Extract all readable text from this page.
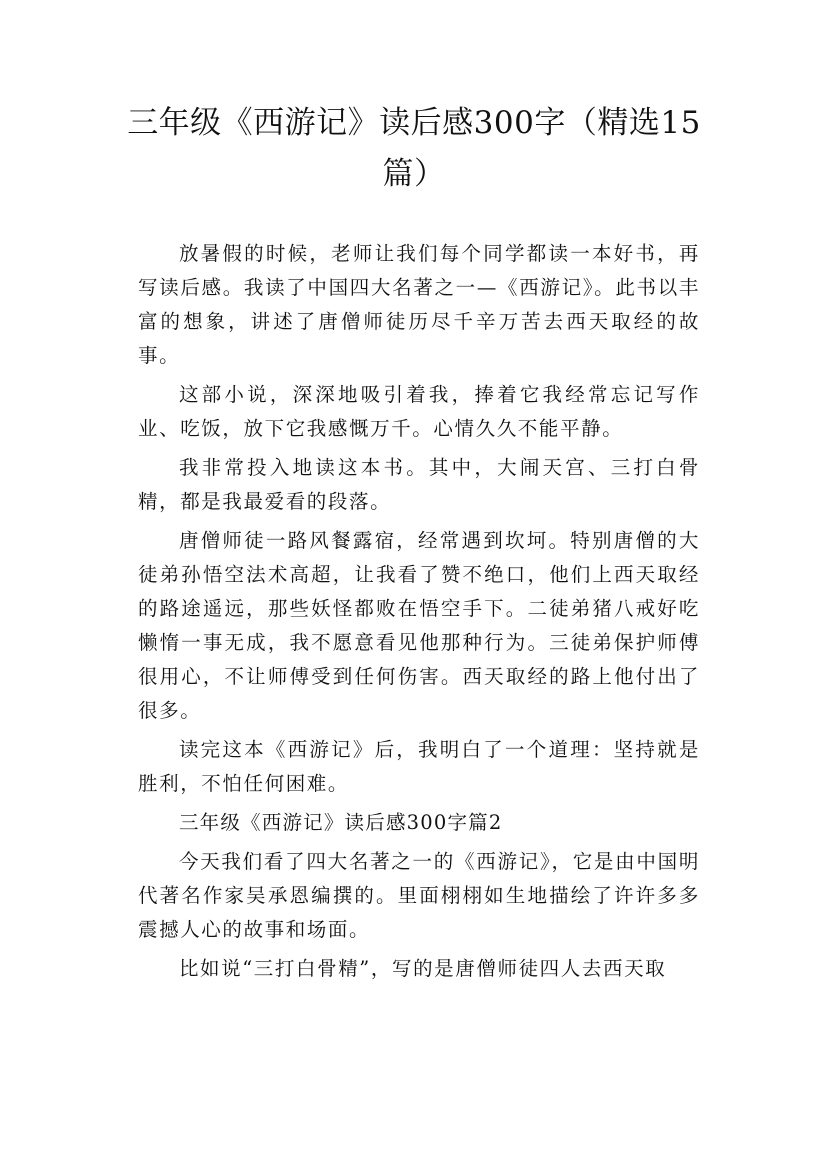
三年级《西游记》读后感300字（精选15篇）

放暑假的时候，老师让我们每个同学都读一本好书，再写读后感。我读了中国四大名著之一—《西游记》。此书以丰富的想象，讲述了唐僧师徒历尽千辛万苦去西天取经的故事。

这部小说，深深地吸引着我，捧着它我经常忘记写作业、吃饭，放下它我感慨万千。心情久久不能平静。

我非常投入地读这本书。其中，大闹天宫、三打白骨精，都是我最爱看的段落。

唐僧师徒一路风餐露宿，经常遇到坎坷。特别唐僧的大徒弟孙悟空法术高超，让我看了赞不绝口，他们上西天取经的路途遥远，那些妖怪都败在悟空手下。二徒弟猪八戒好吃懒惰一事无成，我不愿意看见他那种行为。三徒弟保护师傅很用心，不让师傅受到任何伤害。西天取经的路上他付出了很多。

读完这本《西游记》后，我明白了一个道理：坚持就是胜利，不怕任何困难。

三年级《西游记》读后感300字篇2

今天我们看了四大名著之一的《西游记》，它是由中国明代著名作家吴承恩编撰的。里面栩栩如生地描绘了许许多多震撼人心的故事和场面。

比如说“三打白骨精”，写的是唐僧师徒四人去西天取
